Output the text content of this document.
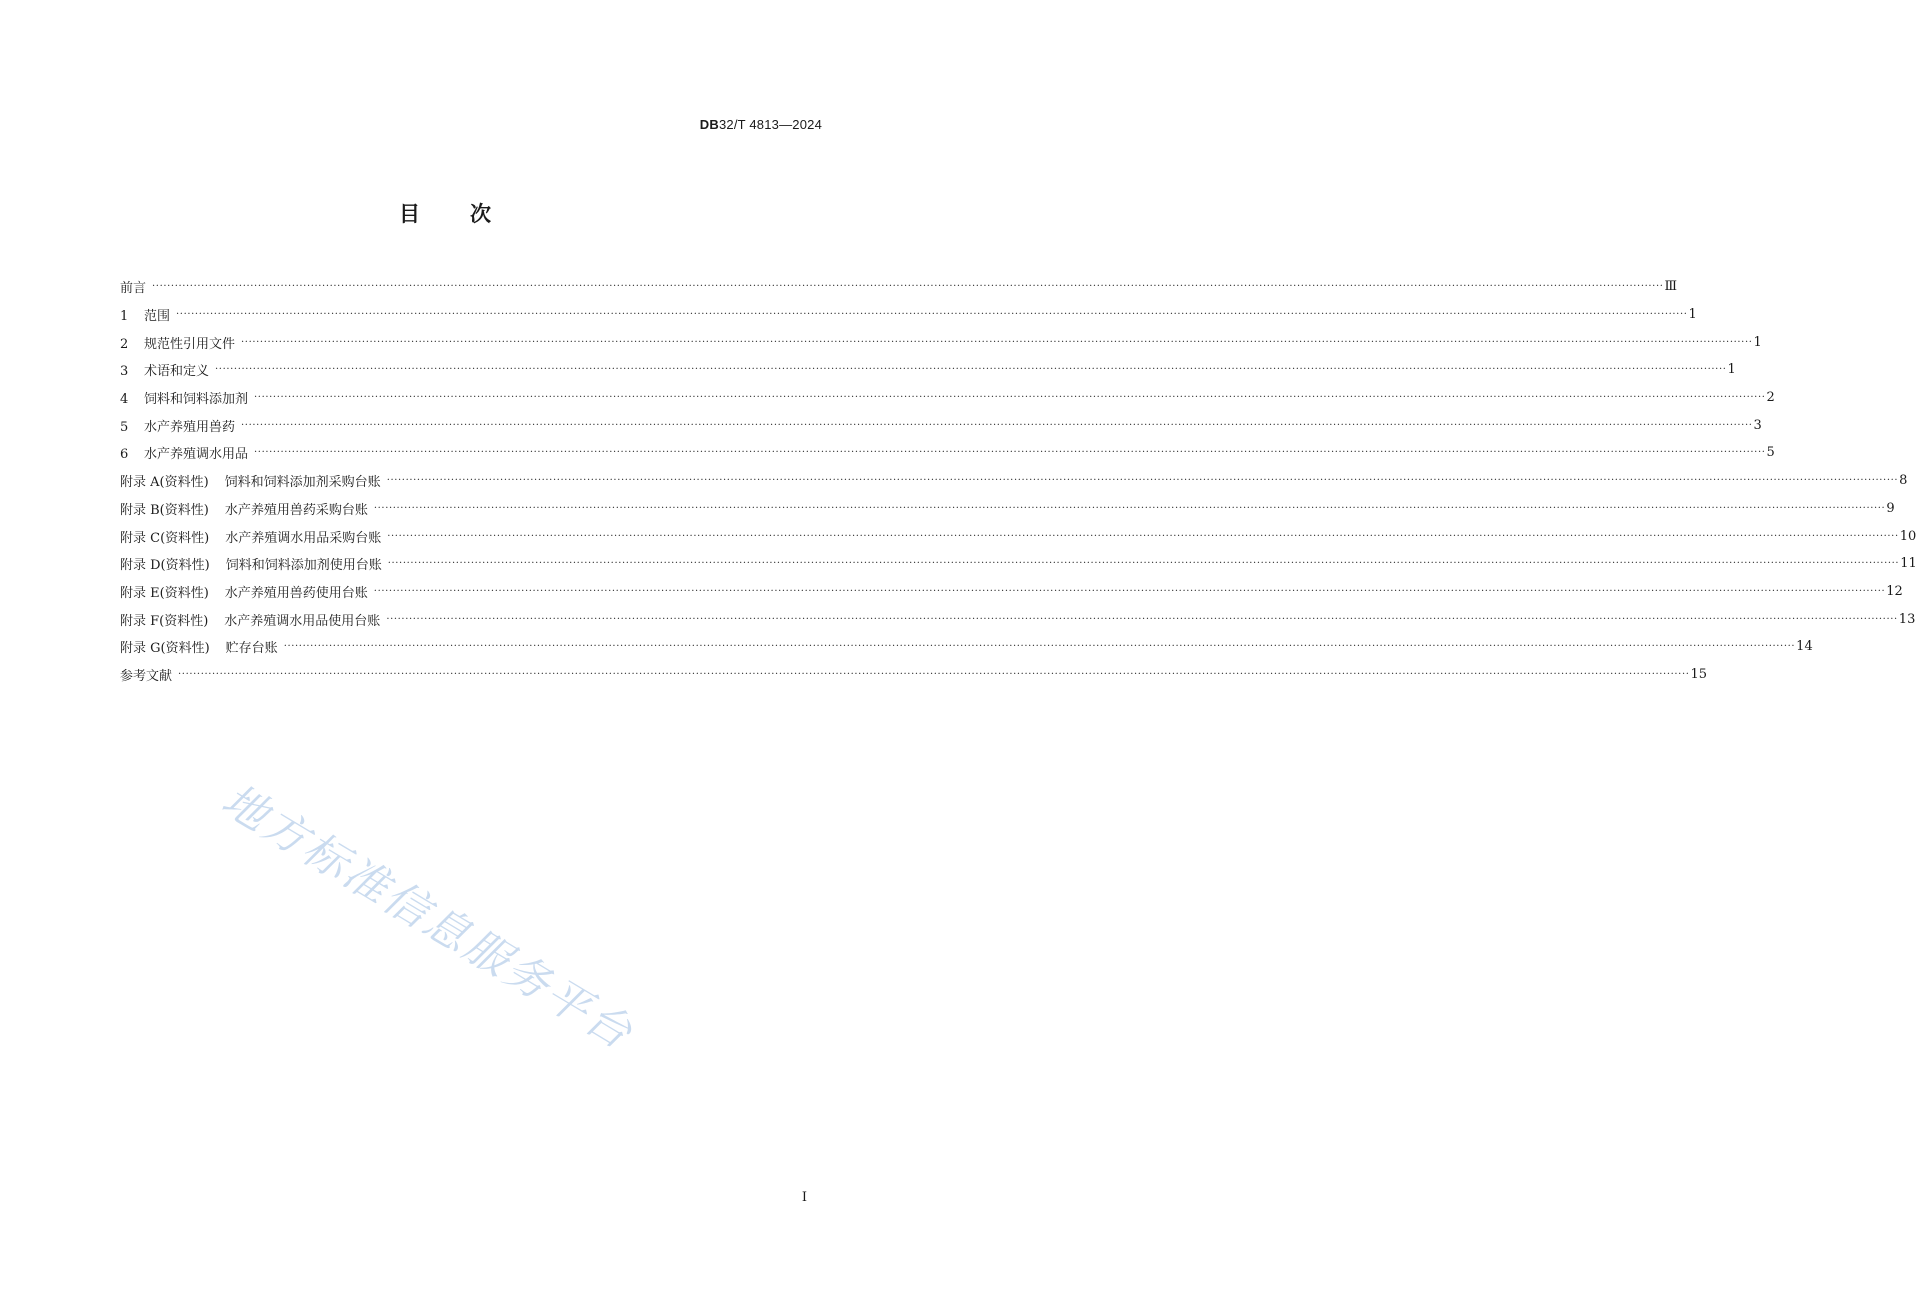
DB32/T 4813—2024
目次
前言 ················································································································································································································································································································································································································ Ⅲ
1 范围 ················································································································································································································································································································································································································ 1
2 规范性引用文件 ················································································································································································································································································································································································································ 1
3 术语和定义 ················································································································································································································································································································································································································ 1
4 饲料和饲料添加剂 ················································································································································································································································································································································································································ 2
5 水产养殖用兽药 ················································································································································································································································································································································································································ 3
6 水产养殖调水用品 ················································································································································································································································································································································································································ 5
附录 A(资料性) 饲料和饲料添加剂采购台账 ················································································································································································································································································································································································································ 8
附录 B(资料性) 水产养殖用兽药采购台账 ················································································································································································································································································································································································································ 9
附录 C(资料性) 水产养殖调水用品采购台账 ················································································································································································································································································································································································································ 10
附录 D(资料性) 饲料和饲料添加剂使用台账 ················································································································································································································································································································································································································ 11
附录 E(资料性) 水产养殖用兽药使用台账 ················································································································································································································································································································································································································ 12
附录 F(资料性) 水产养殖调水用品使用台账 ················································································································································································································································································································································································································ 13
附录 G(资料性) 贮存台账 ················································································································································································································································································································································································································ 14
参考文献 ················································································································································································································································································································································································································ 15
地方标准信息服务平台
I
